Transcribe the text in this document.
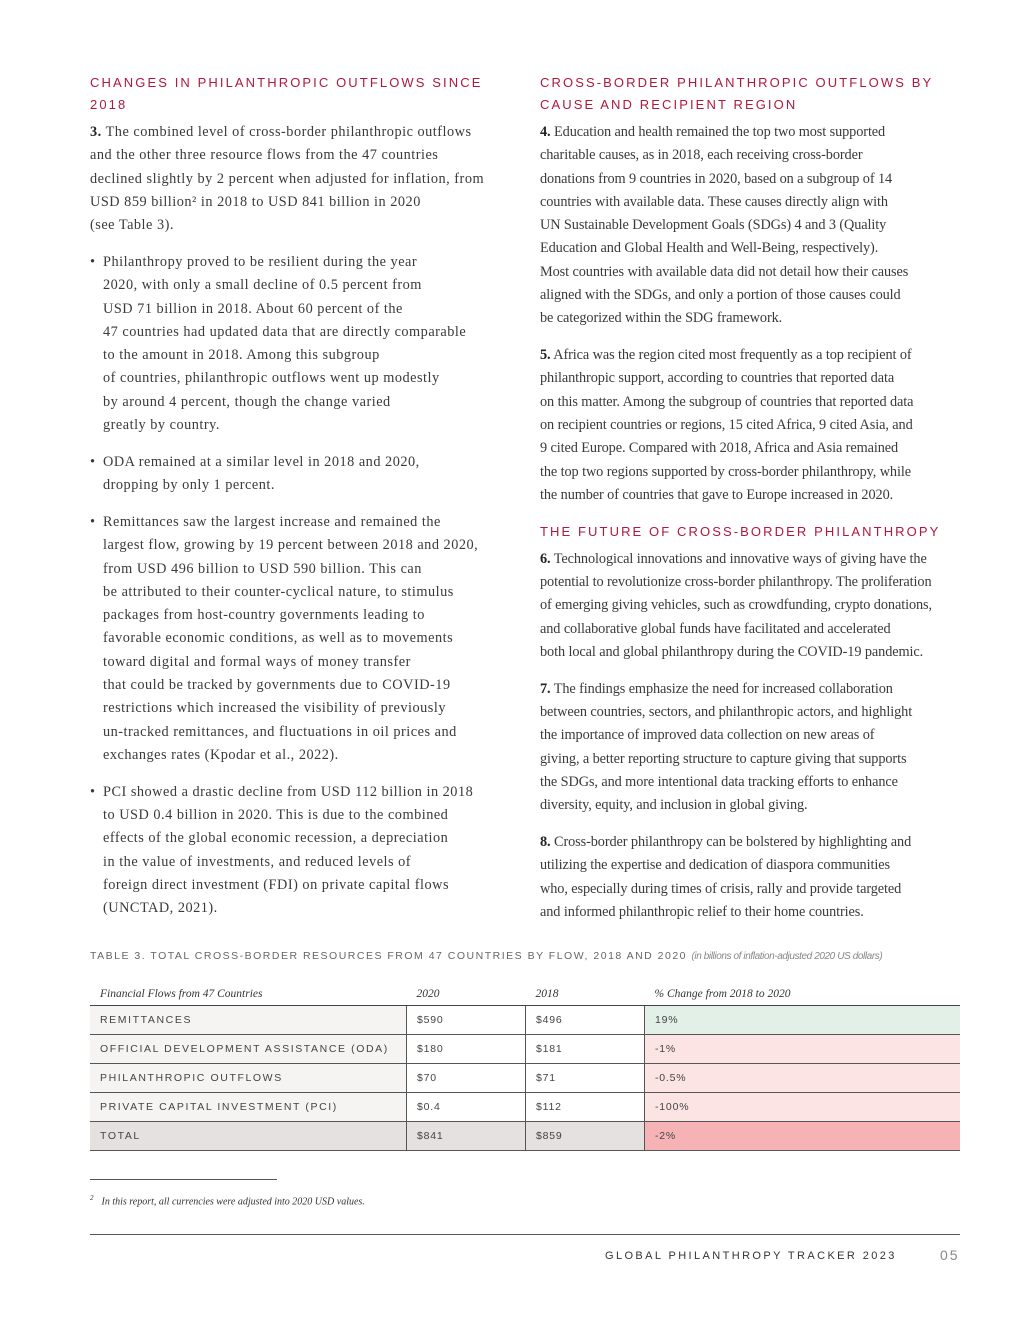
CHANGES IN PHILANTHROPIC OUTFLOWS SINCE 2018
3. The combined level of cross-border philanthropic outflows
and the other three resource flows from the 47 countries
declined slightly by 2 percent when adjusted for inflation, from
USD 859 billion² in 2018 to USD 841 billion in 2020
(see Table 3).
• Philanthropy proved to be resilient during the year
2020, with only a small decline of 0.5 percent from
USD 71 billion in 2018. About 60 percent of the
47 countries had updated data that are directly comparable
to the amount in 2018. Among this subgroup
of countries, philanthropic outflows went up modestly
by around 4 percent, though the change varied
greatly by country.
• ODA remained at a similar level in 2018 and 2020,
dropping by only 1 percent.
• Remittances saw the largest increase and remained the
largest flow, growing by 19 percent between 2018 and 2020,
from USD 496 billion to USD 590 billion. This can
be attributed to their counter-cyclical nature, to stimulus
packages from host-country governments leading to
favorable economic conditions, as well as to movements
toward digital and formal ways of money transfer
that could be tracked by governments due to COVID-19
restrictions which increased the visibility of previously
un-tracked remittances, and fluctuations in oil prices and
exchanges rates (Kpodar et al., 2022).
• PCI showed a drastic decline from USD 112 billion in 2018
to USD 0.4 billion in 2020. This is due to the combined
effects of the global economic recession, a depreciation
in the value of investments, and reduced levels of
foreign direct investment (FDI) on private capital flows
(UNCTAD, 2021).
CROSS-BORDER PHILANTHROPIC OUTFLOWS BY
CAUSE AND RECIPIENT REGION
4. Education and health remained the top two most supported
charitable causes, as in 2018, each receiving cross-border
donations from 9 countries in 2020, based on a subgroup of 14
countries with available data. These causes directly align with
UN Sustainable Development Goals (SDGs) 4 and 3 (Quality
Education and Global Health and Well-Being, respectively).
Most countries with available data did not detail how their causes
aligned with the SDGs, and only a portion of those causes could
be categorized within the SDG framework.
5. Africa was the region cited most frequently as a top recipient of
philanthropic support, according to countries that reported data
on this matter. Among the subgroup of countries that reported data
on recipient countries or regions, 15 cited Africa, 9 cited Asia, and
9 cited Europe. Compared with 2018, Africa and Asia remained
the top two regions supported by cross-border philanthropy, while
the number of countries that gave to Europe increased in 2020.
THE FUTURE OF CROSS-BORDER PHILANTHROPY
6. Technological innovations and innovative ways of giving have the
potential to revolutionize cross-border philanthropy. The proliferation
of emerging giving vehicles, such as crowdfunding, crypto donations,
and collaborative global funds have facilitated and accelerated
both local and global philanthropy during the COVID-19 pandemic.
7. The findings emphasize the need for increased collaboration
between countries, sectors, and philanthropic actors, and highlight
the importance of improved data collection on new areas of
giving, a better reporting structure to capture giving that supports
the SDGs, and more intentional data tracking efforts to enhance
diversity, equity, and inclusion in global giving.
8. Cross-border philanthropy can be bolstered by highlighting and
utilizing the expertise and dedication of diaspora communities
who, especially during times of crisis, rally and provide targeted
and informed philanthropic relief to their home countries.
TABLE 3. TOTAL CROSS-BORDER RESOURCES FROM 47 COUNTRIES BY FLOW, 2018 AND 2020 (in billions of inflation-adjusted 2020 US dollars)
Financial Flows from 47 Countries	2020	2018	% Change from 2018 to 2020
REMITTANCES	$590	$496	19%
OFFICIAL DEVELOPMENT ASSISTANCE (ODA)	$180	$181	-1%
PHILANTHROPIC OUTFLOWS	$70	$71	-0.5%
PRIVATE CAPITAL INVESTMENT (PCI)	$0.4	$112	-100%
TOTAL	$841	$859	-2%
$^2$ In this report, all currencies were adjusted into 2020 USD values.
GLOBAL PHILANTHROPY TRACKER 2023	05
